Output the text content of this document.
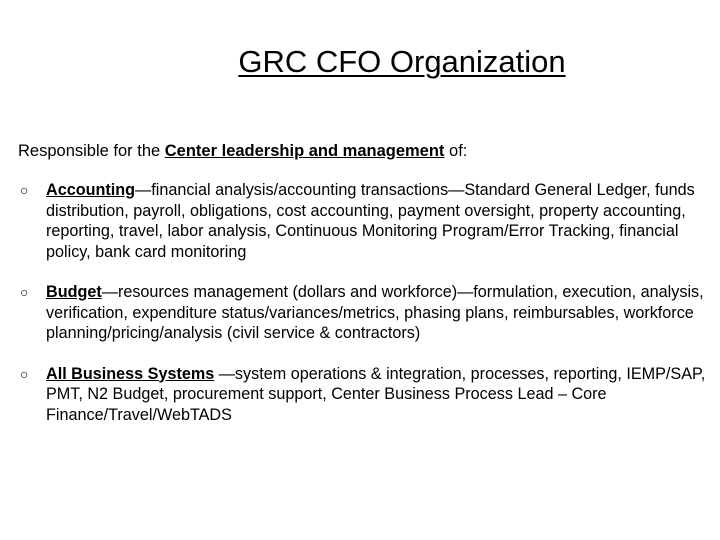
GRC CFO Organization

Responsible for the Center leadership and management of:

○ Accounting—financial analysis/accounting transactions—Standard General Ledger, funds distribution, payroll, obligations, cost accounting, payment oversight, property accounting, reporting, travel, labor analysis, Continuous Monitoring Program/Error Tracking, financial policy, bank card monitoring
○ Budget—resources management (dollars and workforce)—formulation, execution, analysis, verification, expenditure status/variances/metrics, phasing plans, reimbursables, workforce planning/pricing/analysis (civil service & contractors)
○ All Business Systems —system operations & integration, processes, reporting, IEMP/SAP, PMT, N2 Budget, procurement support, Center Business Process Lead – Core Finance/Travel/WebTADS
